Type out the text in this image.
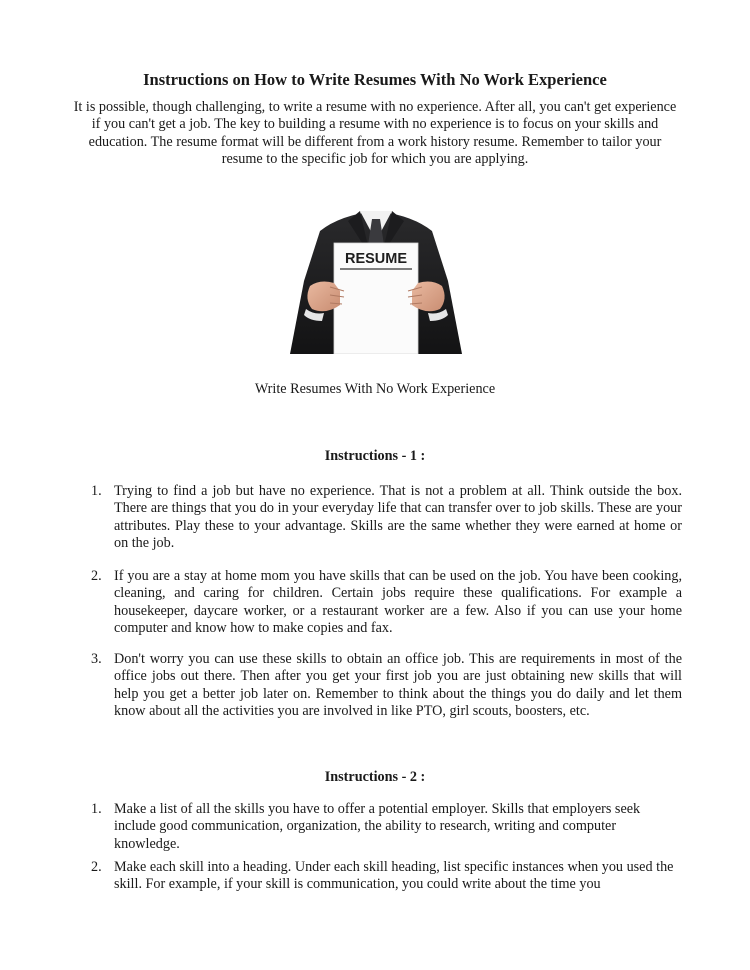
Instructions on How to Write Resumes With No Work Experience

It is possible, though challenging, to write a resume with no experience. After all, you can't get experience if you can't get a job. The key to building a resume with no experience is to focus on your skills and education. The resume format will be different from a work history resume. Remember to tailor your resume to the specific job for which you are applying.

RESUME

Write Resumes With No Work Experience

Instructions - 1 :
1. Trying to find a job but have no experience. That is not a problem at all. Think outside the box. There are things that you do in your everyday life that can transfer over to job skills. These are your attributes. Play these to your advantage. Skills are the same whether they were earned at home or on the job.

2. If you are a stay at home mom you have skills that can be used on the job. You have been cooking, cleaning, and caring for children. Certain jobs require these qualifications. For example a housekeeper, daycare worker, or a restaurant worker are a few. Also if you can use your home computer and know how to make copies and fax.

3. Don't worry you can use these skills to obtain an office job. This are requirements in most of the office jobs out there. Then after you get your first job you are just obtaining new skills that will help you get a better job later on. Remember to think about the things you do daily and let them know about all the activities you are involved in like PTO, girl scouts, boosters, etc.

Instructions - 2 :
1. Make a list of all the skills you have to offer a potential employer. Skills that employers seek include good communication, organization, the ability to research, writing and computer knowledge.

2. Make each skill into a heading. Under each skill heading, list specific instances when you used the skill. For example, if your skill is communication, you could write about the time you
